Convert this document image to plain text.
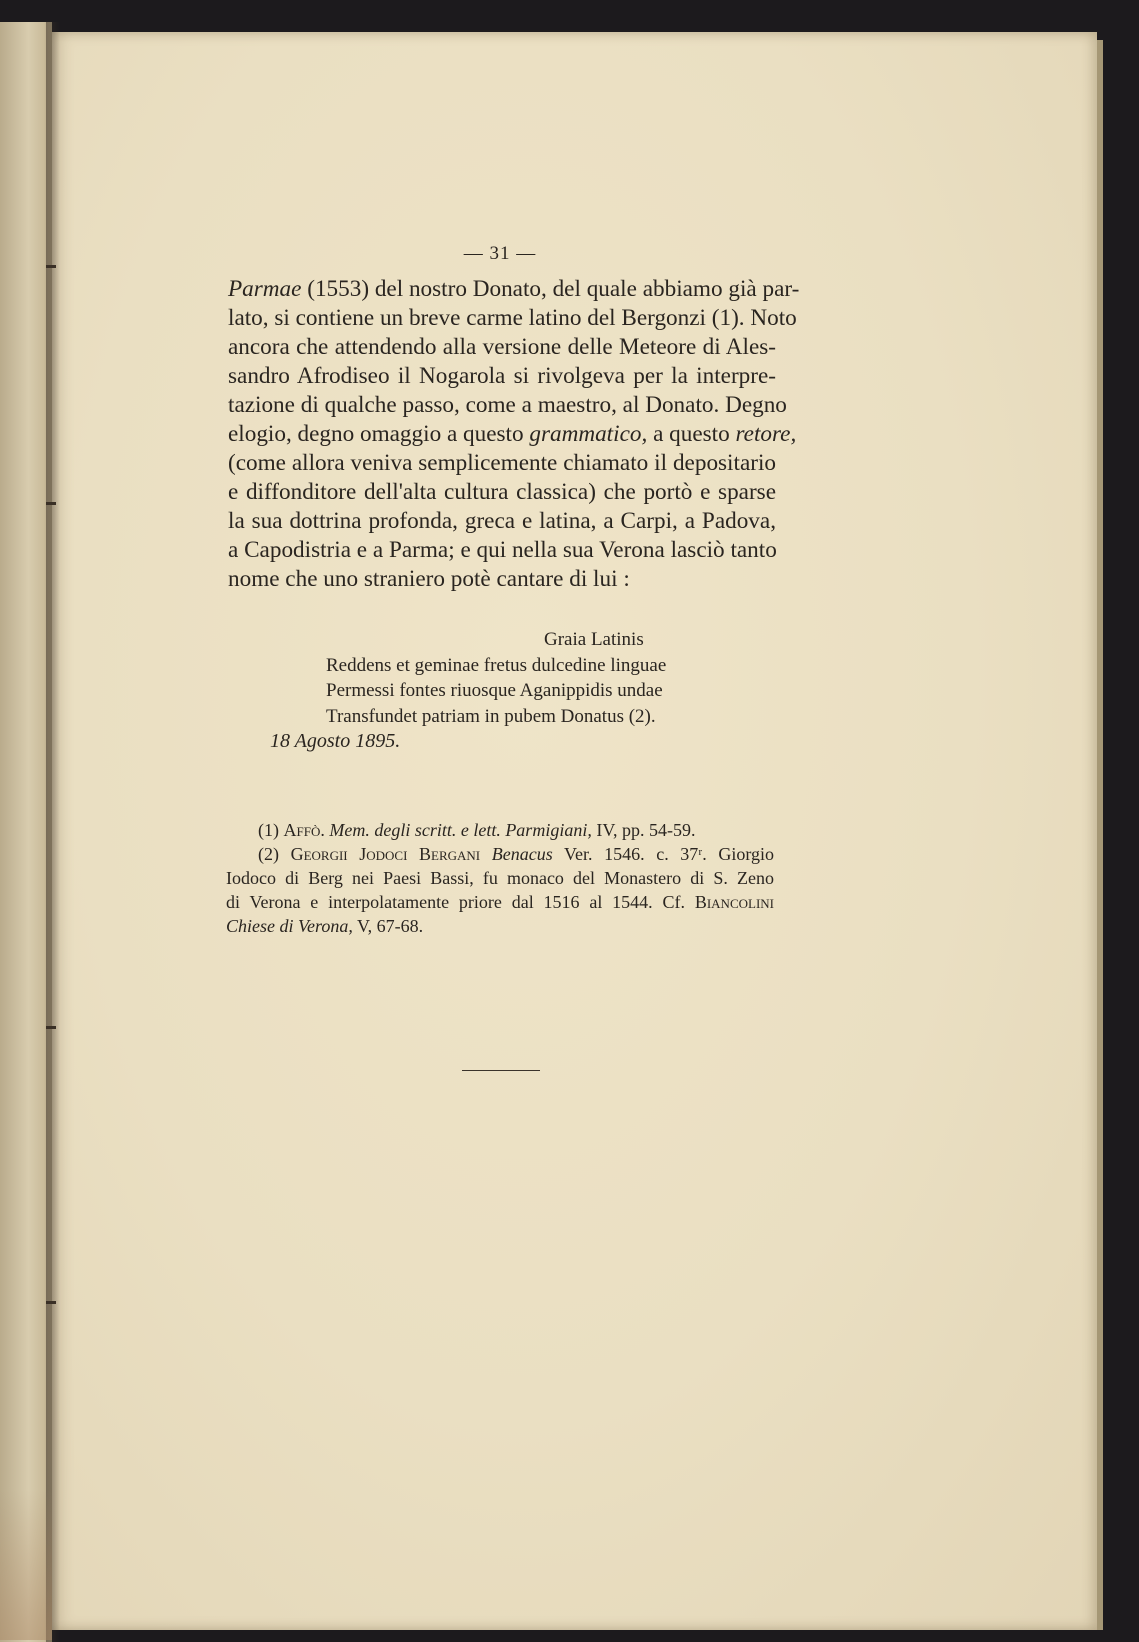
— 31 —
Parmae (1553) del nostro Donato, del quale abbiamo già par-
lato, si contiene un breve carme latino del Bergonzi (1). Noto
ancora che attendendo alla versione delle Meteore di Ales-
sandro Afrodiseo il Nogarola si rivolgeva per la interpre-
tazione di qualche passo, come a maestro, al Donato. Degno
elogio, degno omaggio a questo grammatico, a questo retore,
(come allora veniva semplicemente chiamato il depositario
e diffonditore dell'alta cultura classica) che portò e sparse
la sua dottrina profonda, greca e latina, a Carpi, a Padova,
a Capodistria e a Parma; e qui nella sua Verona lasciò tanto
nome che uno straniero potè cantare di lui :
Graia Latinis
Reddens et geminae fretus dulcedine linguae
Permessi fontes riuosque Aganippidis undae
Transfundet patriam in pubem Donatus (2).
18 Agosto 1895.
(1) Affò. Mem. degli scritt. e lett. Parmigiani, IV, pp. 54-59.
(2) Georgii Jodoci Bergani Benacus Ver. 1546. c. 37ʳ. Giorgio
Iodoco di Berg nei Paesi Bassi, fu monaco del Monastero di S. Zeno
di Verona e interpolatamente priore dal 1516 al 1544. Cf. Biancolini
Chiese di Verona, V, 67-68.
